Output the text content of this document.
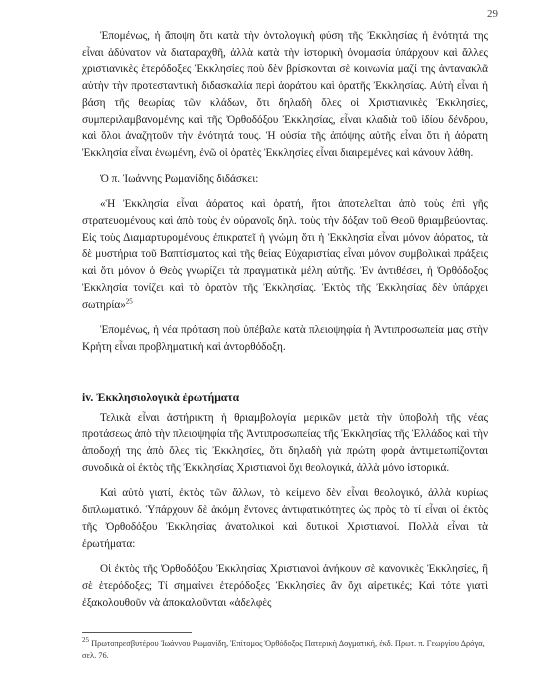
29

Ἐπομένως, ἡ ἄποψη ὅτι κατὰ τὴν ὀντολογικὴ φύση τῆς Ἐκκλησίας ἡ ἑνότητά της εἶναι ἀδύνατον νὰ διαταραχθῆ, ἀλλὰ κατὰ τὴν ἱστορικὴ ὀνομασία ὑπάρχουν καὶ ἄλλες χριστιανικὲς ἑτερόδοξες Ἐκκλησίες ποὺ δὲν βρίσκονται σὲ κοινωνία μαζί της ἀντανακλᾶ αὐτὴν τὴν προτεσταντικὴ διδασκαλία περὶ ἀοράτου καὶ ὁρατῆς Ἐκκλησίας. Αὐτὴ εἶναι ἡ βάση τῆς θεωρίας τῶν κλάδων, ὅτι δηλαδὴ ὅλες οἱ Χριστιανικὲς Ἐκκλησίες, συμπεριλαμβανομένης καὶ τῆς Ὀρθοδόξου Ἐκκλησίας, εἶναι κλαδιὰ τοῦ ἰδίου δένδρου, καὶ ὅλοι ἀναζητοῦν τὴν ἑνότητά τους. Ἡ οὐσία τῆς ἀπόψης αὐτῆς εἶναι ὅτι ἡ ἀόρατη Ἐκκλησία εἶναι ἑνωμένη, ἐνῶ οἱ ὁρατὲς Ἐκκλησίες εἶναι διαιρεμένες καὶ κάνουν λάθη.

Ὁ π. Ἰωάννης Ρωμανίδης διδάσκει:

«Ἡ Ἐκκλησία εἶναι ἀόρατος καὶ ὁρατή, ἤτοι ἀποτελεῖται ἀπὸ τοὺς ἐπὶ γῆς στρατευομένους καὶ ἀπὸ τοὺς ἐν οὐρανοῖς δηλ. τοὺς τὴν δόξαν τοῦ Θεοῦ θριαμβεύοντας. Εἰς τοὺς Διαμαρτυρομένους ἐπικρατεῖ ἡ γνώμη ὅτι ἡ Ἐκκλησία εἶναι μόνον ἀόρατος, τὰ δὲ μυστήρια τοῦ Βαπτίσματος καὶ τῆς θείας Εὐχαριστίας εἶναι μόνον συμβολικαὶ πράξεις καὶ ὅτι μόνον ὁ Θεὸς γνωρίζει τὰ πραγματικὰ μέλη αὐτῆς. Ἐν ἀντιθέσει, ἡ Ὀρθόδοξος Ἐκκλησία τονίζει καὶ τὸ ὁρατὸν τῆς Ἐκκλησίας. Ἐκτὸς τῆς Ἐκκλησίας δὲν ὑπάρχει σωτηρία»$^{25}$

Ἐπομένως, ἡ νέα πρόταση ποὺ ὑπέβαλε κατὰ πλειοψηφία ἡ Ἀντιπροσωπεία μας στὴν Κρήτη εἶναι προβληματικὴ καὶ ἀντορθόδοξη.

iv. Ἐκκλησιολογικὰ ἐρωτήματα

Τελικὰ εἶναι ἀστήρικτη ἡ θριαμβολογία μερικῶν μετὰ τὴν ὑποβολὴ τῆς νέας προτάσεως ἀπὸ τὴν πλειοψηφία τῆς Ἀντιπροσωπείας τῆς Ἐκκλησίας τῆς Ἑλλάδος καὶ τὴν ἀποδοχή της ἀπὸ ὅλες τὶς Ἐκκλησίες, ὅτι δηλαδὴ γιὰ πρώτη φορὰ ἀντιμετωπίζονται συνοδικὰ οἱ ἐκτὸς τῆς Ἐκκλησίας Χριστιανοὶ ὄχι θεολογικά, ἀλλὰ μόνο ἱστορικά.

Καὶ αὐτὸ γιατί, ἐκτὸς τῶν ἄλλων, τὸ κείμενο δὲν εἶναι θεολογικό, ἀλλὰ κυρίως διπλωματικό. Ὑπάρχουν δὲ ἀκόμη ἔντονες ἀντιφατικότητες ὡς πρὸς τὸ τί εἶναι οἱ ἐκτὸς τῆς Ὀρθοδόξου Ἐκκλησίας ἀνατολικοὶ καὶ δυτικοὶ Χριστιανοί. Πολλὰ εἶναι τὰ ἐρωτήματα:

Οἱ ἐκτὸς τῆς Ὀρθοδόξου Ἐκκλησίας Χριστιανοὶ ἀνήκουν σὲ κανονικὲς Ἐκκλησίες, ἢ σὲ ἑτερόδοξες; Τί σημαίνει ἑτερόδοξες Ἐκκλησίες ἂν ὄχι αἱρετικές; Καὶ τότε γιατὶ ἐξακολουθοῦν νὰ ἀποκαλοῦνται «ἀδελφὲς

$^{25}$ Πρωτοπρεσβυτέρου Ἰωάννου Ρωμανίδη, Ἐπίτομος Ὀρθόδοξος Πατερικὴ Δογματική, ἐκδ. Πρωτ. π. Γεωργίου Δράγα, σελ. 76.
